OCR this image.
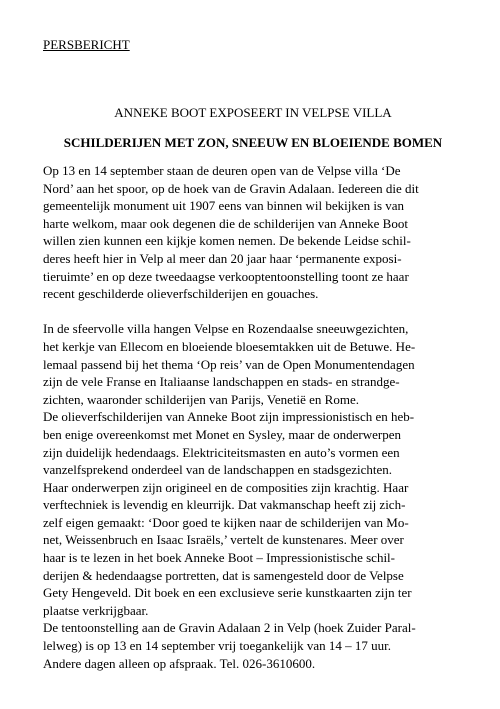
PERSBERICHT

ANNEKE BOOT EXPOSEERT IN VELPSE VILLA
SCHILDERIJEN MET ZON, SNEEUW EN BLOEIENDE BOMEN

Op 13 en 14 september staan de deuren open van de Velpse villa ‘De
Nord’ aan het spoor, op de hoek van de Gravin Adalaan. Iedereen die dit
gemeentelijk monument uit 1907 eens van binnen wil bekijken is van
harte welkom, maar ook degenen die de schilderijen van Anneke Boot
willen zien kunnen een kijkje komen nemen. De bekende Leidse schil-
deres heeft hier in Velp al meer dan 20 jaar haar ‘permanente exposi-
tieruimte’ en op deze tweedaagse verkooptentoonstelling toont ze haar
recent geschilderde olieverfschilderijen en gouaches.

In de sfeervolle villa hangen Velpse en Rozendaalse sneeuwgezichten,
het kerkje van Ellecom en bloeiende bloesemtakken uit de Betuwe. He-
lemaal passend bij het thema ‘Op reis’ van de Open Monumentendagen
zijn de vele Franse en Italiaanse landschappen en stads- en strandge-
zichten, waaronder schilderijen van Parijs, Venetië en Rome.

De olieverfschilderijen van Anneke Boot zijn impressionistisch en heb-
ben enige overeenkomst met Monet en Sysley, maar de onderwerpen
zijn duidelijk hedendaags. Elektriciteitsmasten en auto’s vormen een
vanzelfsprekend onderdeel van de landschappen en stadsgezichten.
Haar onderwerpen zijn origineel en de composities zijn krachtig. Haar
verftechniek is levendig en kleurrijk. Dat vakmanschap heeft zij zich-
zelf eigen gemaakt: ‘Door goed te kijken naar de schilderijen van Mo-
net, Weissenbruch en Isaac Israëls,’ vertelt de kunstenares. Meer over
haar is te lezen in het boek Anneke Boot – Impressionistische schil-
derijen & hedendaagse portretten, dat is samengesteld door de Velpse
Gety Hengeveld. Dit boek en een exclusieve serie kunstkaarten zijn ter
plaatse verkrijgbaar.

De tentoonstelling aan de Gravin Adalaan 2 in Velp (hoek Zuider Paral-
lelweg) is op 13 en 14 september vrij toegankelijk van 14 – 17 uur.
Andere dagen alleen op afspraak. Tel. 026-3610600.
